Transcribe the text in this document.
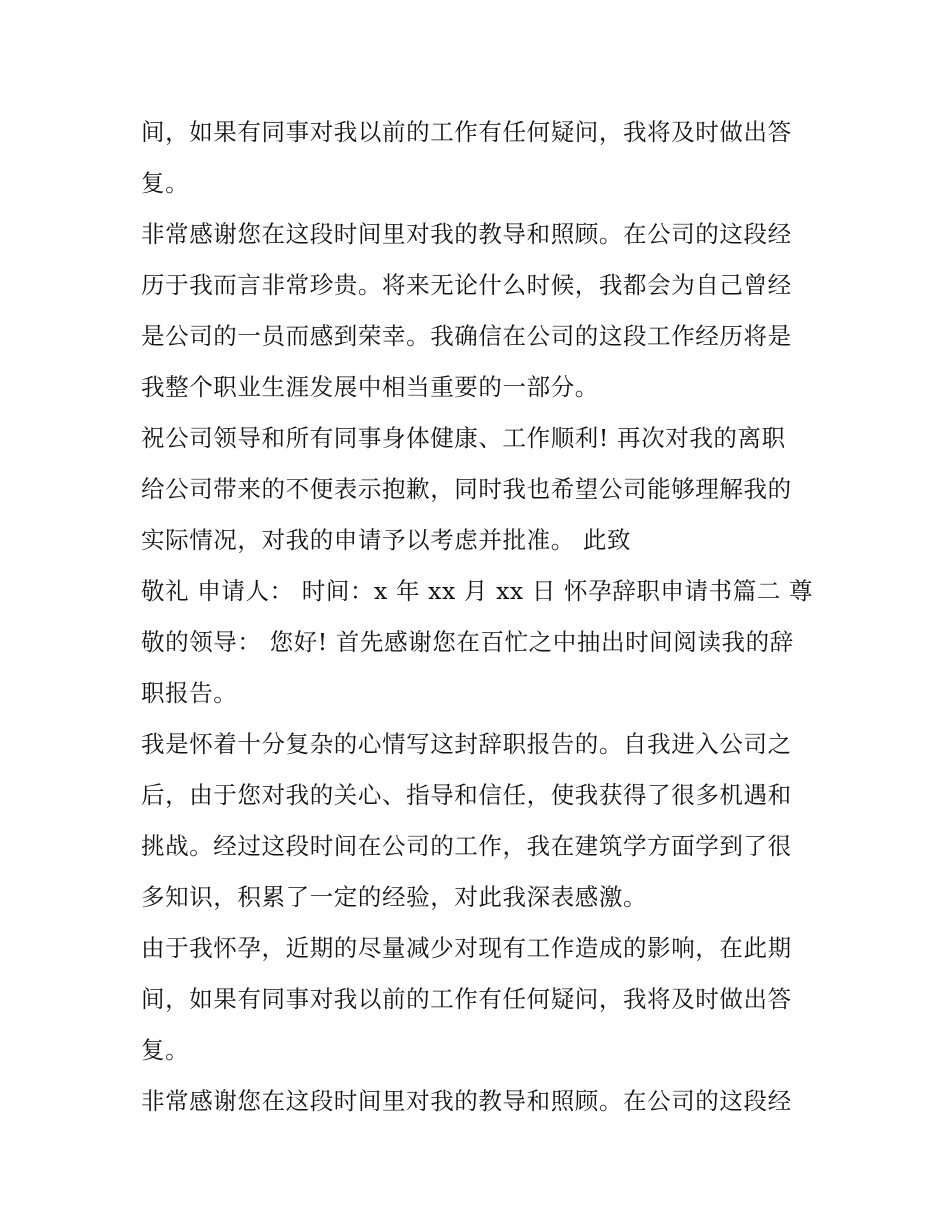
间，如果有同事对我以前的工作有任何疑问，我将及时做出答
复。
非常感谢您在这段时间里对我的教导和照顾。在公司的这段经
历于我而言非常珍贵。将来无论什么时候，我都会为自己曾经
是公司的一员而感到荣幸。我确信在公司的这段工作经历将是
我整个职业生涯发展中相当重要的一部分。
祝公司领导和所有同事身体健康、工作顺利! 再次对我的离职
给公司带来的不便表示抱歉，同时我也希望公司能够理解我的
实际情况，对我的申请予以考虑并批准。 此致
敬礼 申请人： 时间：x 年 xx 月 xx 日 怀孕辞职申请书篇二 尊
敬的领导： 您好! 首先感谢您在百忙之中抽出时间阅读我的辞
职报告。
我是怀着十分复杂的心情写这封辞职报告的。自我进入公司之
后，由于您对我的关心、指导和信任，使我获得了很多机遇和
挑战。经过这段时间在公司的工作，我在建筑学方面学到了很
多知识，积累了一定的经验，对此我深表感激。
由于我怀孕，近期的尽量减少对现有工作造成的影响，在此期
间，如果有同事对我以前的工作有任何疑问，我将及时做出答
复。
非常感谢您在这段时间里对我的教导和照顾。在公司的这段经
